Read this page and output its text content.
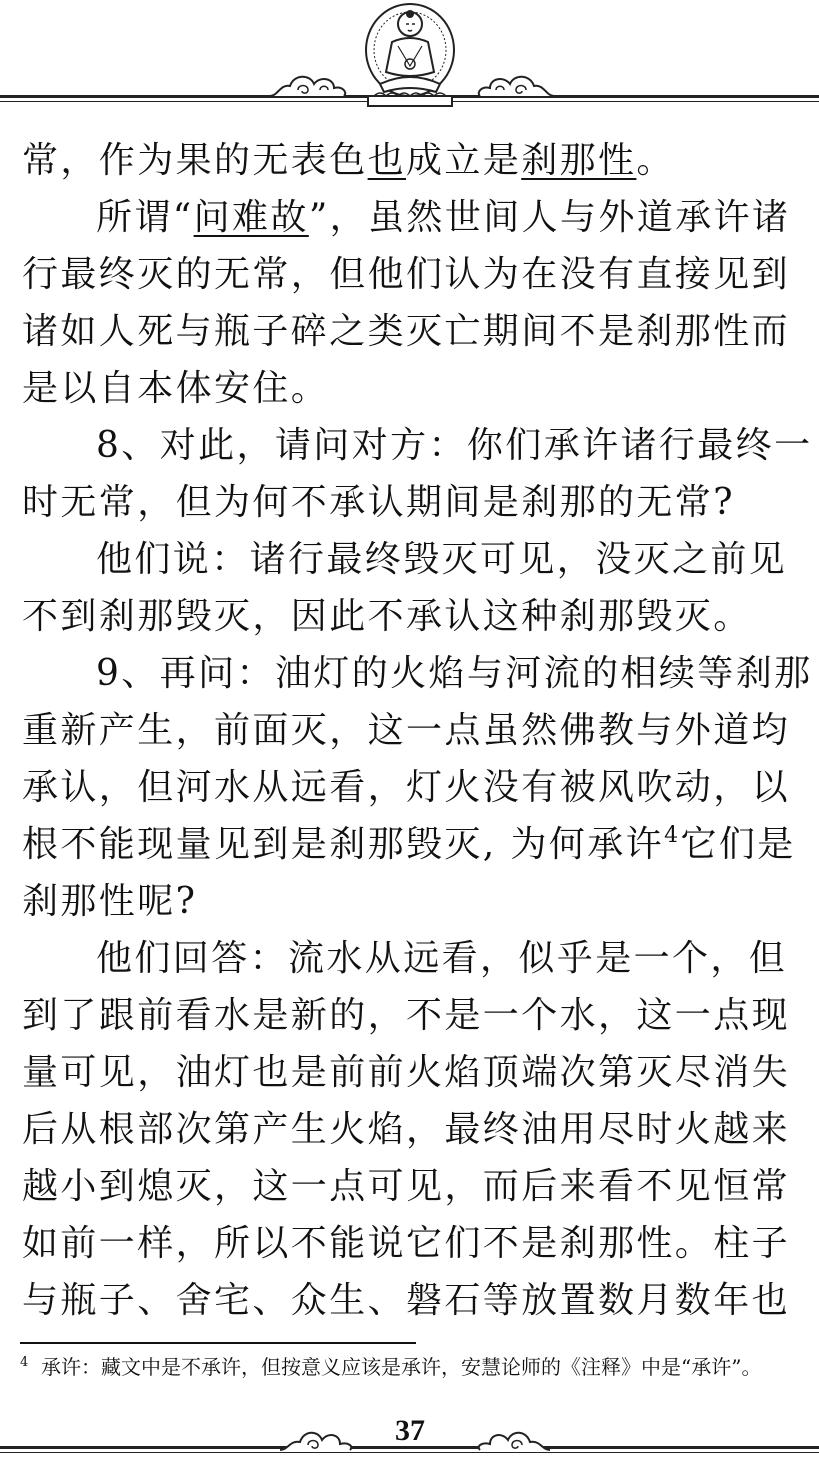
常，作为果的无表色也成立是刹那性。
所谓“问难故”，虽然世间人与外道承许诸
行最终灭的无常，但他们认为在没有直接见到
诸如人死与瓶子碎之类灭亡期间不是刹那性而
是以自本体安住。
8、对此，请问对方：你们承许诸行最终一
时无常，但为何不承认期间是刹那的无常?
他们说：诸行最终毁灭可见，没灭之前见
不到刹那毁灭，因此不承认这种刹那毁灭。
9、再问：油灯的火焰与河流的相续等刹那
重新产生，前面灭，这一点虽然佛教与外道均
承认，但河水从远看，灯火没有被风吹动，以
根不能现量见到是刹那毁灭, 为何承许$^4$它们是
刹那性呢?
他们回答：流水从远看，似乎是一个，但
到了跟前看水是新的，不是一个水，这一点现
量可见，油灯也是前前火焰顶端次第灭尽消失
后从根部次第产生火焰，最终油用尽时火越来
越小到熄灭，这一点可见，而后来看不见恒常
如前一样，所以不能说它们不是刹那性。柱子
与瓶子、舍宅、众生、磐石等放置数月数年也
$^4$ 承许：藏文中是不承许，但按意义应该是承许，安慧论师的《注释》中是“承许”。
37
